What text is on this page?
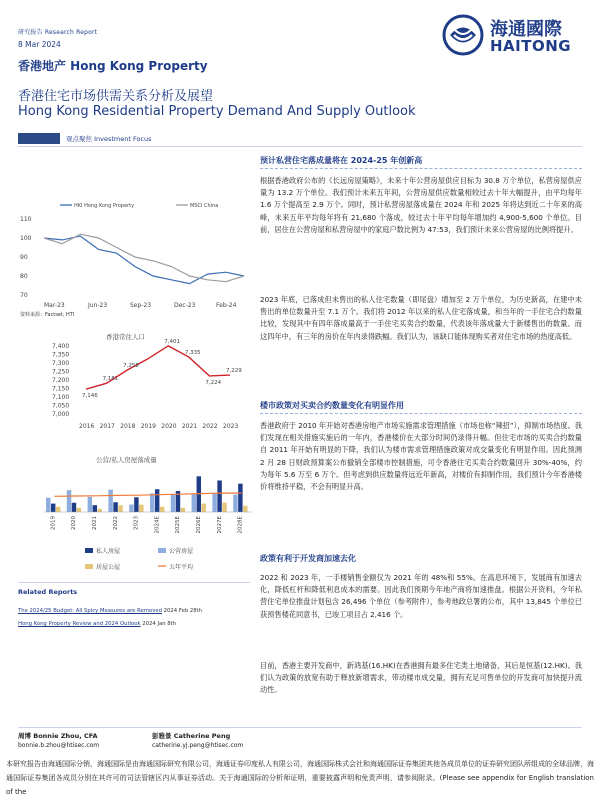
研究报告 Research Report
8 Mar 2024
香港地产 Hong Kong Property
香港住宅市场供需关系分析及展望
Hong Kong Residential Property Demand And Supply Outlook
海通國際
HAITONG
观点聚焦 Investment Focus
HKI Hong Kong Property	MSCI China
110
100
90
80
70
Mar-23	Jun-23	Sep-23	Dec-23	Feb-24
资料来源：Factset, HTI
香港常住人口
7,400
7,350
7,300
7,250
7,200
7,150
7,100
7,050
7,000
7,146
7,181
7,258
7,401
7,335
7,224
7,229
2016 2017 2018 2019 2020 2021 2022 2023
公营/私人房屋落成量
2019	2020	2021	2022	2023	2024E	2025E	2026E	2027E	2028E
私人房屋	公营房屋
居屋公屋	五年平均
Related Reports
The 2024/25 Budget: All Spicy Measures are Removed 2024 Feb 28th
Hong Kong Property Review and 2024 Outlook 2024 Jan 8th
周博 Bonnie Zhou, CFA
bonnie.b.zhou@htisec.com
彭雅景 Catherine Peng
catherine.yj.peng@htisec.com
预计私营住宅落成量将在 2024-25 年创新高
根据香港政府公布的《长远房屋策略》，未来十年公营房屋供应目标为 30.8 万个单位，私营房屋供应量为 13.2 万个单位。我们预计未来五年间，公营房屋供应数量相较过去十年大幅提升，由平均每年 1.6 万个提高至 2.9 万个。同时，预计私营房屋落成量在 2024 年和 2025 年将达到近二十年来的高峰，未来五年平均每年将有 21,680 个落成，较过去十年平均每年增加约 4,900-5,600 个单位。目前，居住在公营房屋和私营房屋中的家庭户数比例为 47:53，我们预计未来公营房屋的比例将提升。
2023 年底，已落成但未售出的私人住宅数量（即尾盘）增加至 2 万个单位，为历史新高，在建中未售出的单位数量升至 7.1 万个。我们将 2012 年以来的私人住宅落成量，和当年的一手住宅合约数量比较，发现其中有四年落成量高于一手住宅买卖合约数量，代表该年落成量大于新楼售出的数量。而这四年中，有三年的房价在年内录得跌幅。我们认为，该缺口能体现购买者对住宅市场的热度高低。
楼市政策对买卖合约数量变化有明显作用
香港政府于 2010 年开始对香港房地产市场实施需求管理措施（市场也称“辣招”），抑制市场热度。我们发现在相关措施实施后的一年内，香港楼价在大部分时间仍录得升幅。但住宅市场的买卖合约数量自 2011 年开始有明显的下降，我们认为楼市需求管理措施政策对成交量变化有明显作用。因此预测 2 月 28 日财政预算案公布撤销全部楼市控制措施，可令香港住宅买卖合约数量回升 30%-40%，约为每年 5.6 万至 6 万个。但考虑到供应数量将远近年新高，对楼价有抑制作用，我们预计今年香港楼价将维持平稳，不会有明显升高。
政策有利于开发商加速去化
2022 和 2023 年，一手楼销售金额仅为 2021 年的 48%和 55%。在高息环境下，发展商有加速去化，降低杠杆和降低利息成本的需要。因此我们预期今年地产商将加速推盘。根据公开资料，今年私营住宅单位推盘计划包含 26,496 个单位（参考附件），参考地政总署的公布，其中 13,845 个单位已获预售楼花同意书，已竣工项目占 2,416 个。
目前，香港主要开发商中，新鸿基(16.HK)在香港拥有最多住宅类土地储备，其后是恒基(12.HK)。我们认为政策的放宽有助于释放新增需求，带动楼市成交量，拥有充足可售单位的开发商可加快提升流动性。
本研究报告由海通国际分销，海通国际是由海通国际研究有限公司，海通证券印度私人有限公司，海通国际株式会社和海通国际证券集团其他各成员单位的证券研究团队所组成的全球品牌，海通国际证券集团各成员分别在其许可的司法管辖区内从事证券活动。关于海通国际的分析师证明，重要披露声明和免责声明，请参阅附录。(Please see appendix for English translation of the
